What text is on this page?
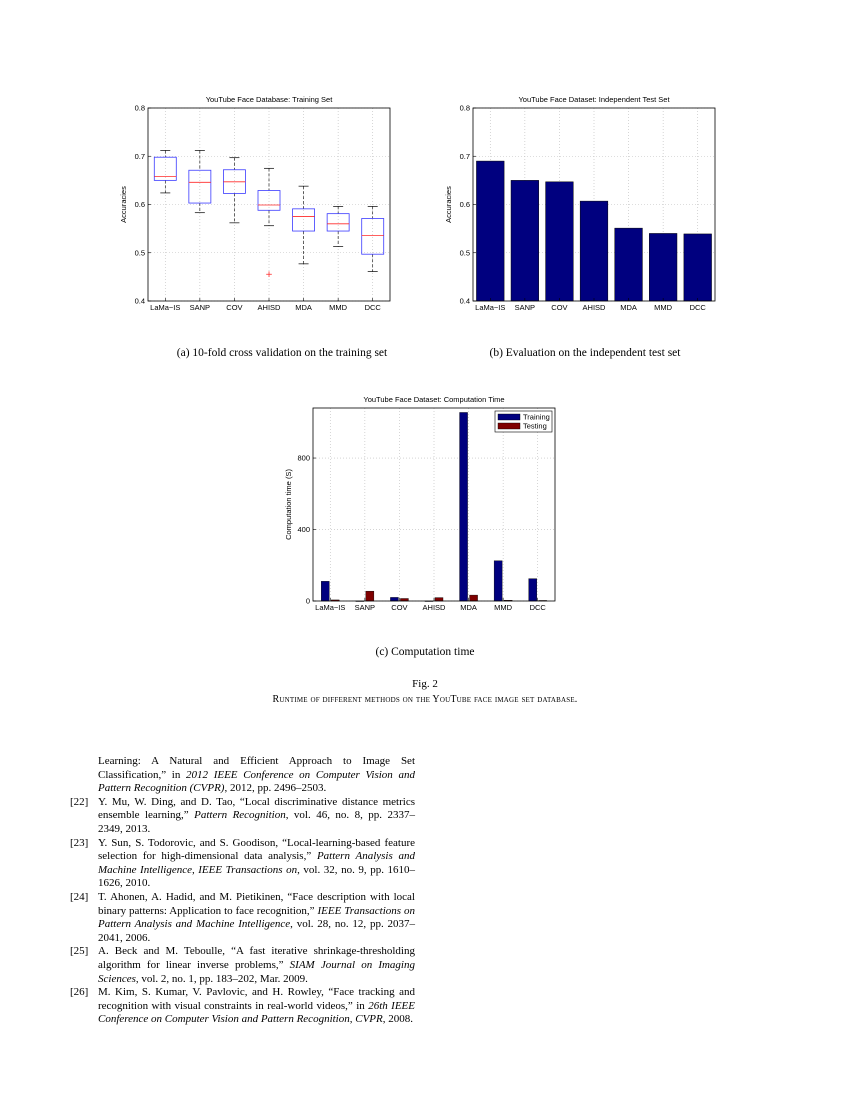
+
0.4
0.5
0.6
0.7
0.8
LaMa−IS SANP COV AHISD MDA MMD DCC
YouTube Face Database: Training Set
Accuracies
0.4
0.5
0.6
0.7
0.8
LaMa−IS SANP COV AHISD MDA MMD DCC
YouTube Face Dataset: Independent Test Set
Accuracies
0
400
800
LaMa−IS SANP COV AHISD MDA MMD DCC
YouTube Face Dataset: Computation Time
Computation time (S)
Training
Testing
(a) 10-fold cross validation on the training set	(b) Evaluation on the independent test set
(c) Computation time
Fig. 2
Runtime of different methods on the YouTube face image set database.

Learning: A Natural and Efficient Approach to Image Set Classification,” in 2012 IEEE Conference on Computer Vision and Pattern Recognition (CVPR), 2012, pp. 2496–2503.

[22] Y. Mu, W. Ding, and D. Tao, “Local discriminative distance metrics ensemble learning,” Pattern Recognition, vol. 46, no. 8, pp. 2337–2349, 2013.

[23] Y. Sun, S. Todorovic, and S. Goodison, “Local-learning-based feature selection for high-dimensional data analysis,” Pattern Analysis and Machine Intelligence, IEEE Transactions on, vol. 32, no. 9, pp. 1610–1626, 2010.

[24] T. Ahonen, A. Hadid, and M. Pietikinen, “Face description with local binary patterns: Application to face recognition,” IEEE Transactions on Pattern Analysis and Machine Intelligence, vol. 28, no. 12, pp. 2037–2041, 2006.

[25] A. Beck and M. Teboulle, “A fast iterative shrinkage-thresholding algorithm for linear inverse problems,” SIAM Journal on Imaging Sciences, vol. 2, no. 1, pp. 183–202, Mar. 2009.

[26] M. Kim, S. Kumar, V. Pavlovic, and H. Rowley, “Face tracking and recognition with visual constraints in real-world videos,” in 26th IEEE Conference on Computer Vision and Pattern Recognition, CVPR, 2008.
